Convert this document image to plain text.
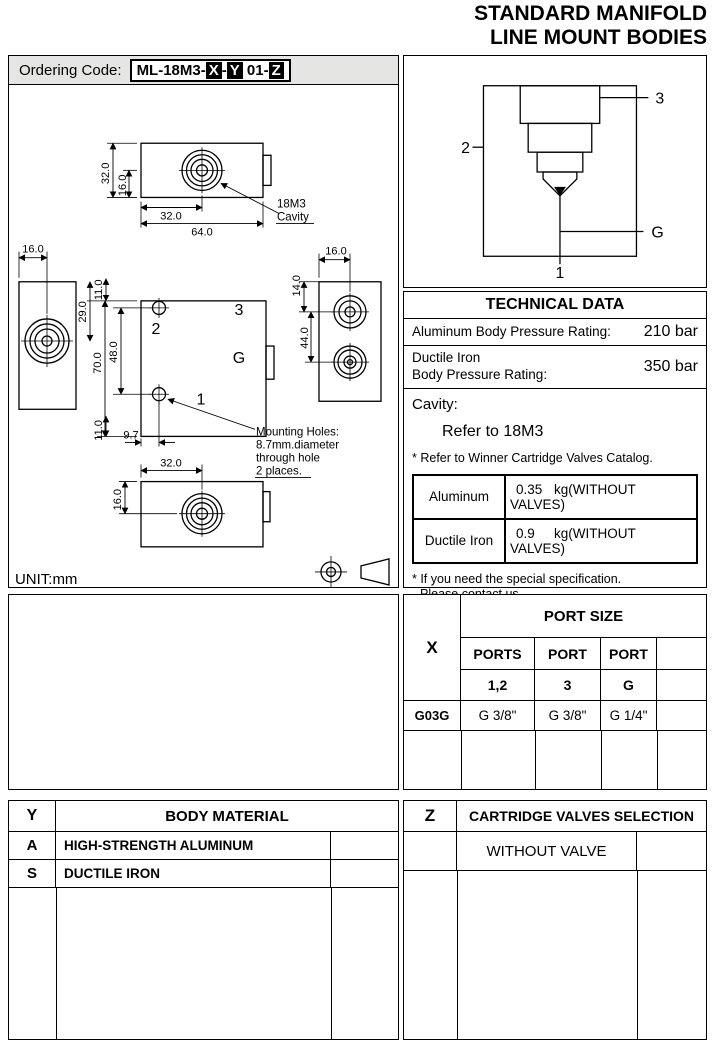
STANDARD MANIFOLD
LINE MOUNT BODIES
Ordering Code:	ML-18M3- X - Y 01- Z
32.0
16.0
32.0
64.0
18M3
Cavity
2
3
G
1
11.0
29.0
70.0
48.0
9.7
11.0
14.0
44.0
Mounting Holes:
8.7mm.diameter
through hole
2 places.
16.0	16.0
32.0
16.0
UNIT:mm
3
2
G
1
TECHNICAL DATA
Aluminum Body Pressure Rating: 210 bar
Ductile Iron
Body Pressure Rating:	350 bar
Cavity:
Refer to 18M3
* Refer to Winner Cartridge Valves Catalog.
Aluminum	0.35 kg(WITHOUT VALVES)
Ductile Iron	0.9 kg(WITHOUT VALVES)
* If you need the special specification.
X
PORT SIZE
PORTS	PORT	PORT
1,2	3	G
G03G	G 3/8"	G 3/8"	G 1/4"
Y	BODY MATERIAL
A	HIGH-STRENGTH ALUMINUM
S	DUCTILE IRON
Z	CARTRIDGE VALVES SELECTION
WITHOUT VALVE
